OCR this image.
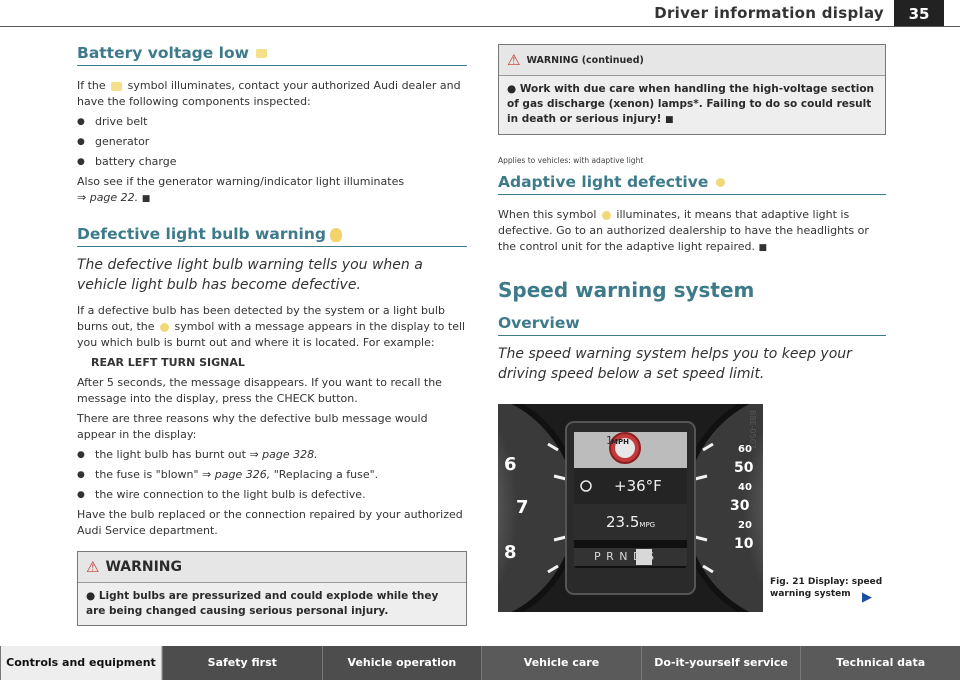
Driver information display	35
Battery voltage low

If the symbol illuminates, contact your authorized Audi dealer and have the following components inspected:

● drive belt
● generator
● battery charge

Also see if the generator warning/indicator light illuminates
⇒ page 22. ■

Defective light bulb warning

The defective light bulb warning tells you when a vehicle light bulb has become defective.

If a defective bulb has been detected by the system or a light bulb burns out, the symbol with a message appears in the display to tell you which bulb is burnt out and where it is located. For example:

REAR LEFT TURN SIGNAL

After 5 seconds, the message disappears. If you want to recall the message into the display, press the CHECK button.

There are three reasons why the defective bulb message would appear in the display:

● the light bulb has burnt out ⇒ page 328.
● the fuse is "blown" ⇒ page 326, "Replacing a fuse".
● the wire connection to the light bulb is defective.

Have the bulb replaced or the connection repaired by your authorized Audi Service department.

⚠ WARNING
● Light bulbs are pressurized and could explode while they are being changed causing serious personal injury.
⚠ WARNING (continued)
● Work with due care when handling the high-voltage section of gas discharge (xenon) lamps*. Failing to do so could result in death or serious injury! ■

Applies to vehicles: with adaptive light

Adaptive light defective

When this symbol illuminates, it means that adaptive light is defective. Go to an authorized dealership to have the headlights or the control unit for the adaptive light repaired. ■

Speed warning system
Overview

The speed warning system helps you to keep your driving speed below a set speed limit.

MPH
1
+36°F
23.5MPG
P R N D S
6
7
8
60
50
40
30
20
10
B8E-0507
Fig. 21 Display: speed
warning system ▶
Controls and equipment	Safety first	Vehicle operation	Vehicle care	Do-it-yourself service	Technical data
